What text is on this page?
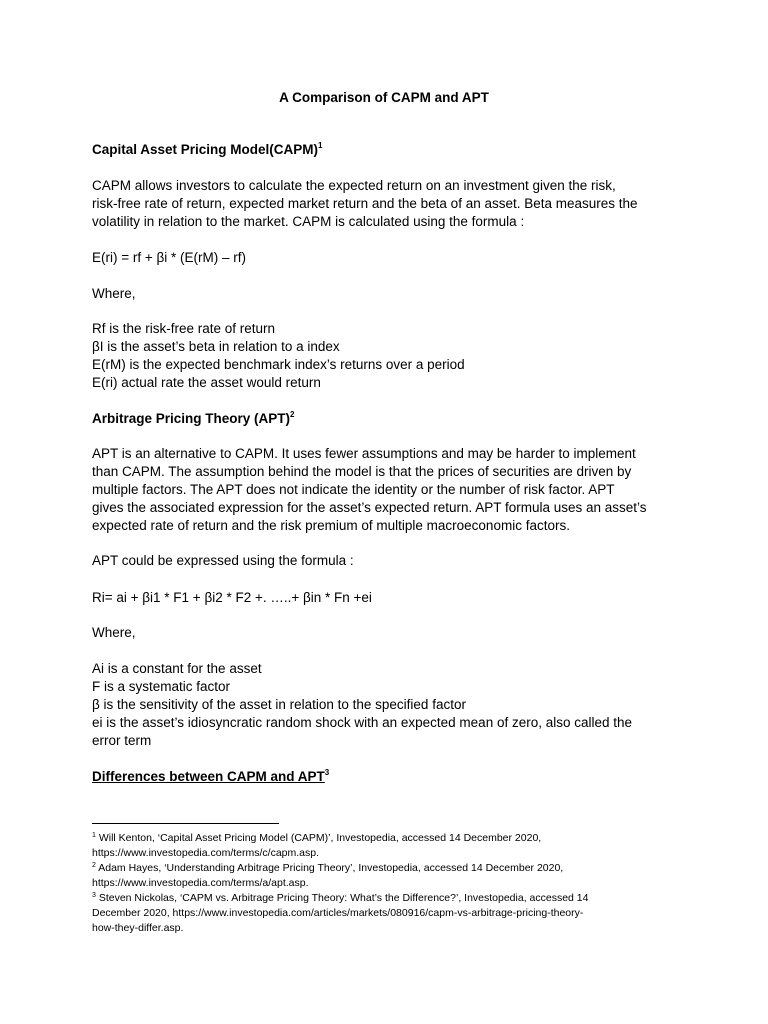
A Comparison of CAPM and APT
Capital Asset Pricing Model(CAPM)$^1$
CAPM allows investors to calculate the expected return on an investment given the risk,
risk-free rate of return, expected market return and the beta of an asset. Beta measures the
volatility in relation to the market. CAPM is calculated using the formula :
E(ri) = rf + βi * (E(rM) – rf)
Where,
Rf is the risk-free rate of return
βI is the asset’s beta in relation to a index
E(rM) is the expected benchmark index’s returns over a period
E(ri) actual rate the asset would return
Arbitrage Pricing Theory (APT)$^2$
APT is an alternative to CAPM. It uses fewer assumptions and may be harder to implement
than CAPM. The assumption behind the model is that the prices of securities are driven by
multiple factors. The APT does not indicate the identity or the number of risk factor. APT
gives the associated expression for the asset’s expected return. APT formula uses an asset’s
expected rate of return and the risk premium of multiple macroeconomic factors.
APT could be expressed using the formula :
Ri= ai + βi1 * F1 + βi2 * F2 +. …..+ βin * Fn +ei
Where,
Ai is a constant for the asset
F is a systematic factor
β is the sensitivity of the asset in relation to the specified factor
ei is the asset’s idiosyncratic random shock with an expected mean of zero, also called the
error term
Differences between CAPM and APT$^3$
$^1$ Will Kenton, ‘Capital Asset Pricing Model (CAPM)’, Investopedia, accessed 14 December 2020,
https://www.investopedia.com/terms/c/capm.asp.
$^2$ Adam Hayes, ‘Understanding Arbitrage Pricing Theory’, Investopedia, accessed 14 December 2020,
https://www.investopedia.com/terms/a/apt.asp.
$^3$ Steven Nickolas, ‘CAPM vs. Arbitrage Pricing Theory: What’s the Difference?’, Investopedia, accessed 14
December 2020, https://www.investopedia.com/articles/markets/080916/capm-vs-arbitrage-pricing-theory-
how-they-differ.asp.
